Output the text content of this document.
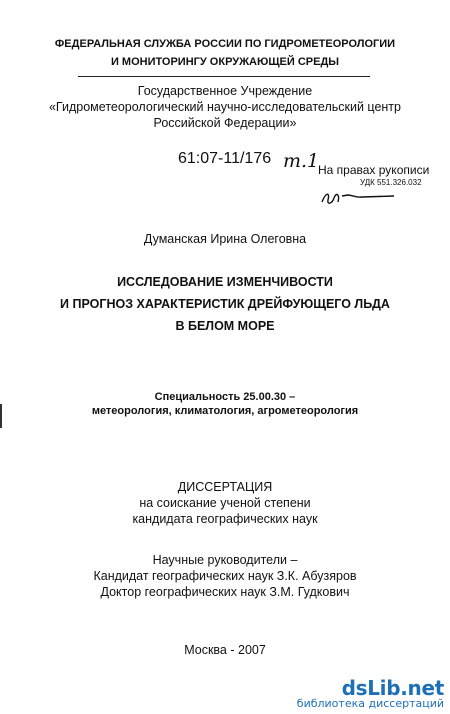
ФЕДЕРАЛЬНАЯ СЛУЖБА РОССИИ ПО ГИДРОМЕТЕОРОЛОГИИ
И МОНИТОРИНГУ ОКРУЖАЮЩЕЙ СРЕДЫ
Государственное Учреждение
«Гидрометеорологический научно-исследовательский центр
Российской Федерации»
61:07-11/176 т.1
На правах рукописи
УДК 551.326.032
Думанская Ирина Олеговна
ИССЛЕДОВАНИЕ ИЗМЕНЧИВОСТИ
И ПРОГНОЗ ХАРАКТЕРИСТИК ДРЕЙФУЮЩЕГО ЛЬДА
В БЕЛОМ МОРЕ
Специальность 25.00.30 –
метеорология, климатология, агрометеорология
ДИССЕРТАЦИЯ
на соискание ученой степени
кандидата географических наук
Научные руководители –
Кандидат географических наук З.К. Абузяров
Доктор географических наук З.М. Гудкович
Москва - 2007
dsLib.net
библиотека диссертаций
